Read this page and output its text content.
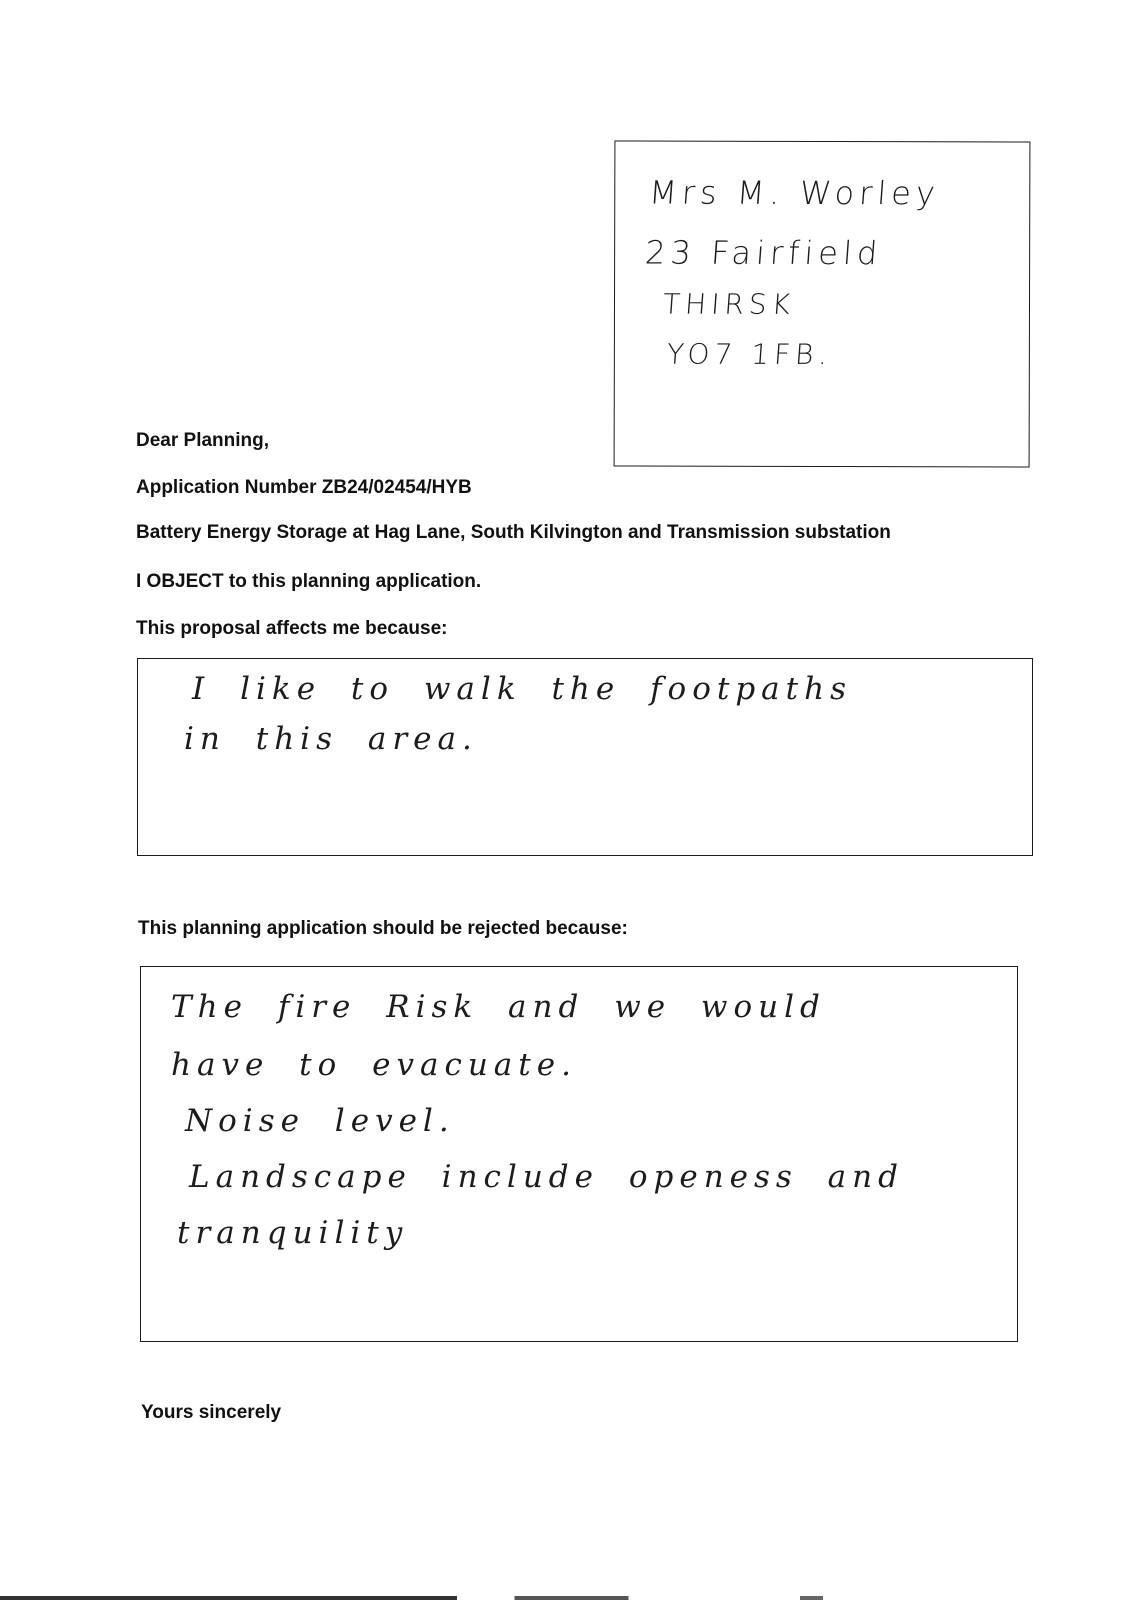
Mrs M. Worley
23 Fairfield
THIRSK
YO7 1FB.
Dear Planning,
Application Number ZB24/02454/HYB
Battery Energy Storage at Hag Lane, South Kilvington and Transmission substation
I OBJECT to this planning application.
This proposal affects me because:
I like to walk the footpaths
in this area.
This planning application should be rejected because:
The fire Risk and we would
have to evacuate.
Noise level.
Landscape include openess and
tranquility
Yours sincerely
